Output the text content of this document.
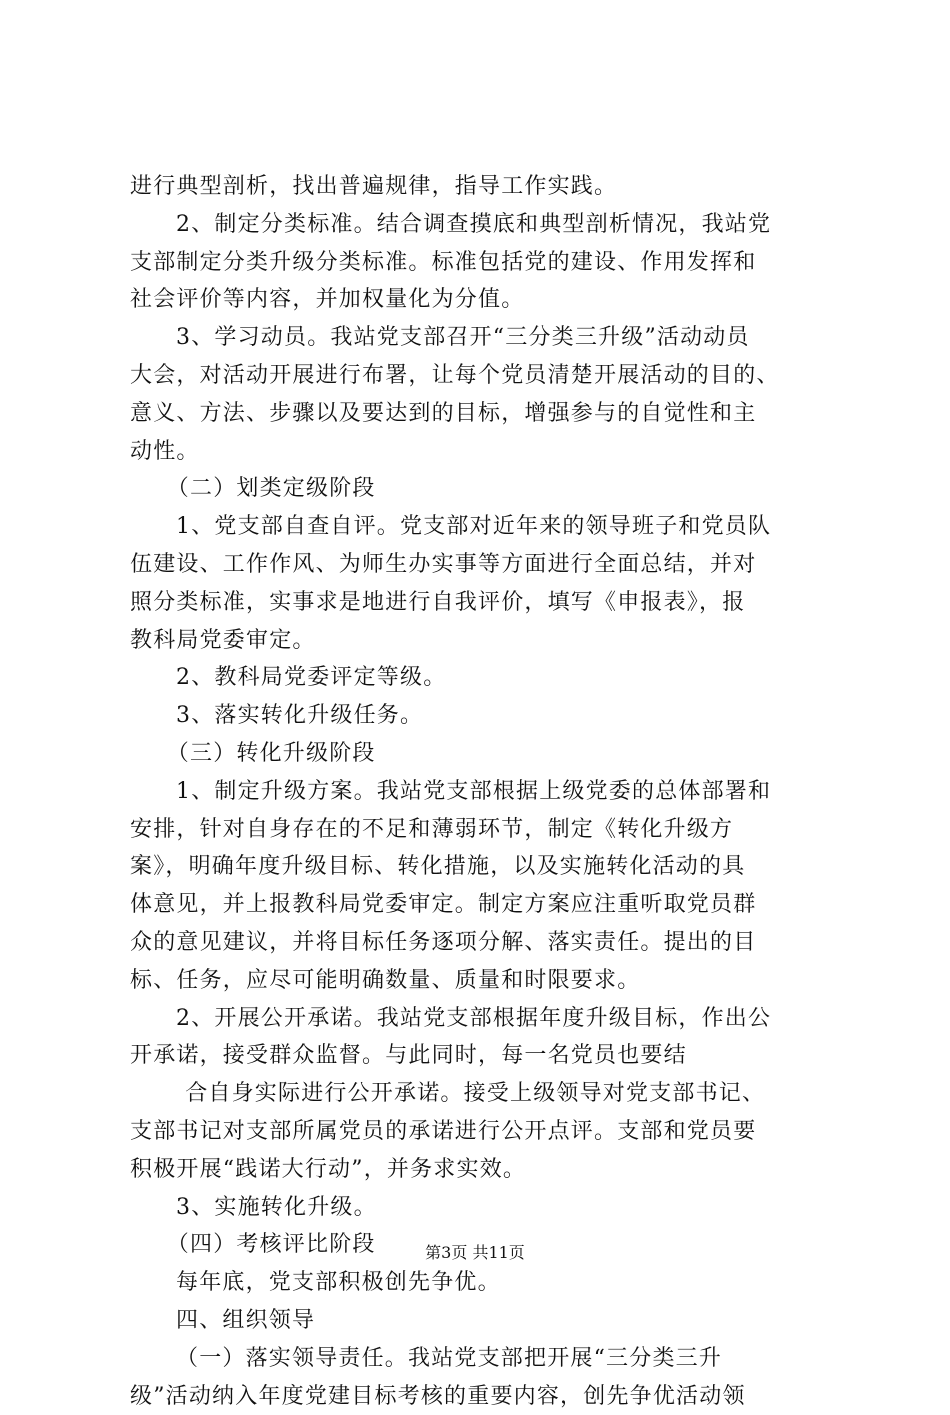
进行典型剖析，找出普遍规律，指导工作实践。
2、制定分类标准。结合调查摸底和典型剖析情况，我站党
支部制定分类升级分类标准。标准包括党的建设、作用发挥和
社会评价等内容，并加权量化为分值。
3、学习动员。我站党支部召开“三分类三升级”活动动员
大会，对活动开展进行布署，让每个党员清楚开展活动的目的、
意义、方法、步骤以及要达到的目标，增强参与的自觉性和主
动性。
（二）划类定级阶段
1、党支部自查自评。党支部对近年来的领导班子和党员队
伍建设、工作作风、为师生办实事等方面进行全面总结，并对
照分类标准，实事求是地进行自我评价，填写《申报表》，报
教科局党委审定。
2、教科局党委评定等级。
3、落实转化升级任务。
（三）转化升级阶段
1、制定升级方案。我站党支部根据上级党委的总体部署和
安排，针对自身存在的不足和薄弱环节，制定《转化升级方
案》，明确年度升级目标、转化措施，以及实施转化活动的具
体意见，并上报教科局党委审定。制定方案应注重听取党员群
众的意见建议，并将目标任务逐项分解、落实责任。提出的目
标、任务，应尽可能明确数量、质量和时限要求。
2、开展公开承诺。我站党支部根据年度升级目标，作出公
开承诺，接受群众监督。与此同时，每一名党员也要结
合自身实际进行公开承诺。接受上级领导对党支部书记、
支部书记对支部所属党员的承诺进行公开点评。支部和党员要
积极开展“践诺大行动”，并务求实效。
3、实施转化升级。
（四）考核评比阶段
每年底，党支部积极创先争优。
四、组织领导
（一）落实领导责任。我站党支部把开展“三分类三升
级”活动纳入年度党建目标考核的重要内容，创先争优活动领
第3页 共11页
